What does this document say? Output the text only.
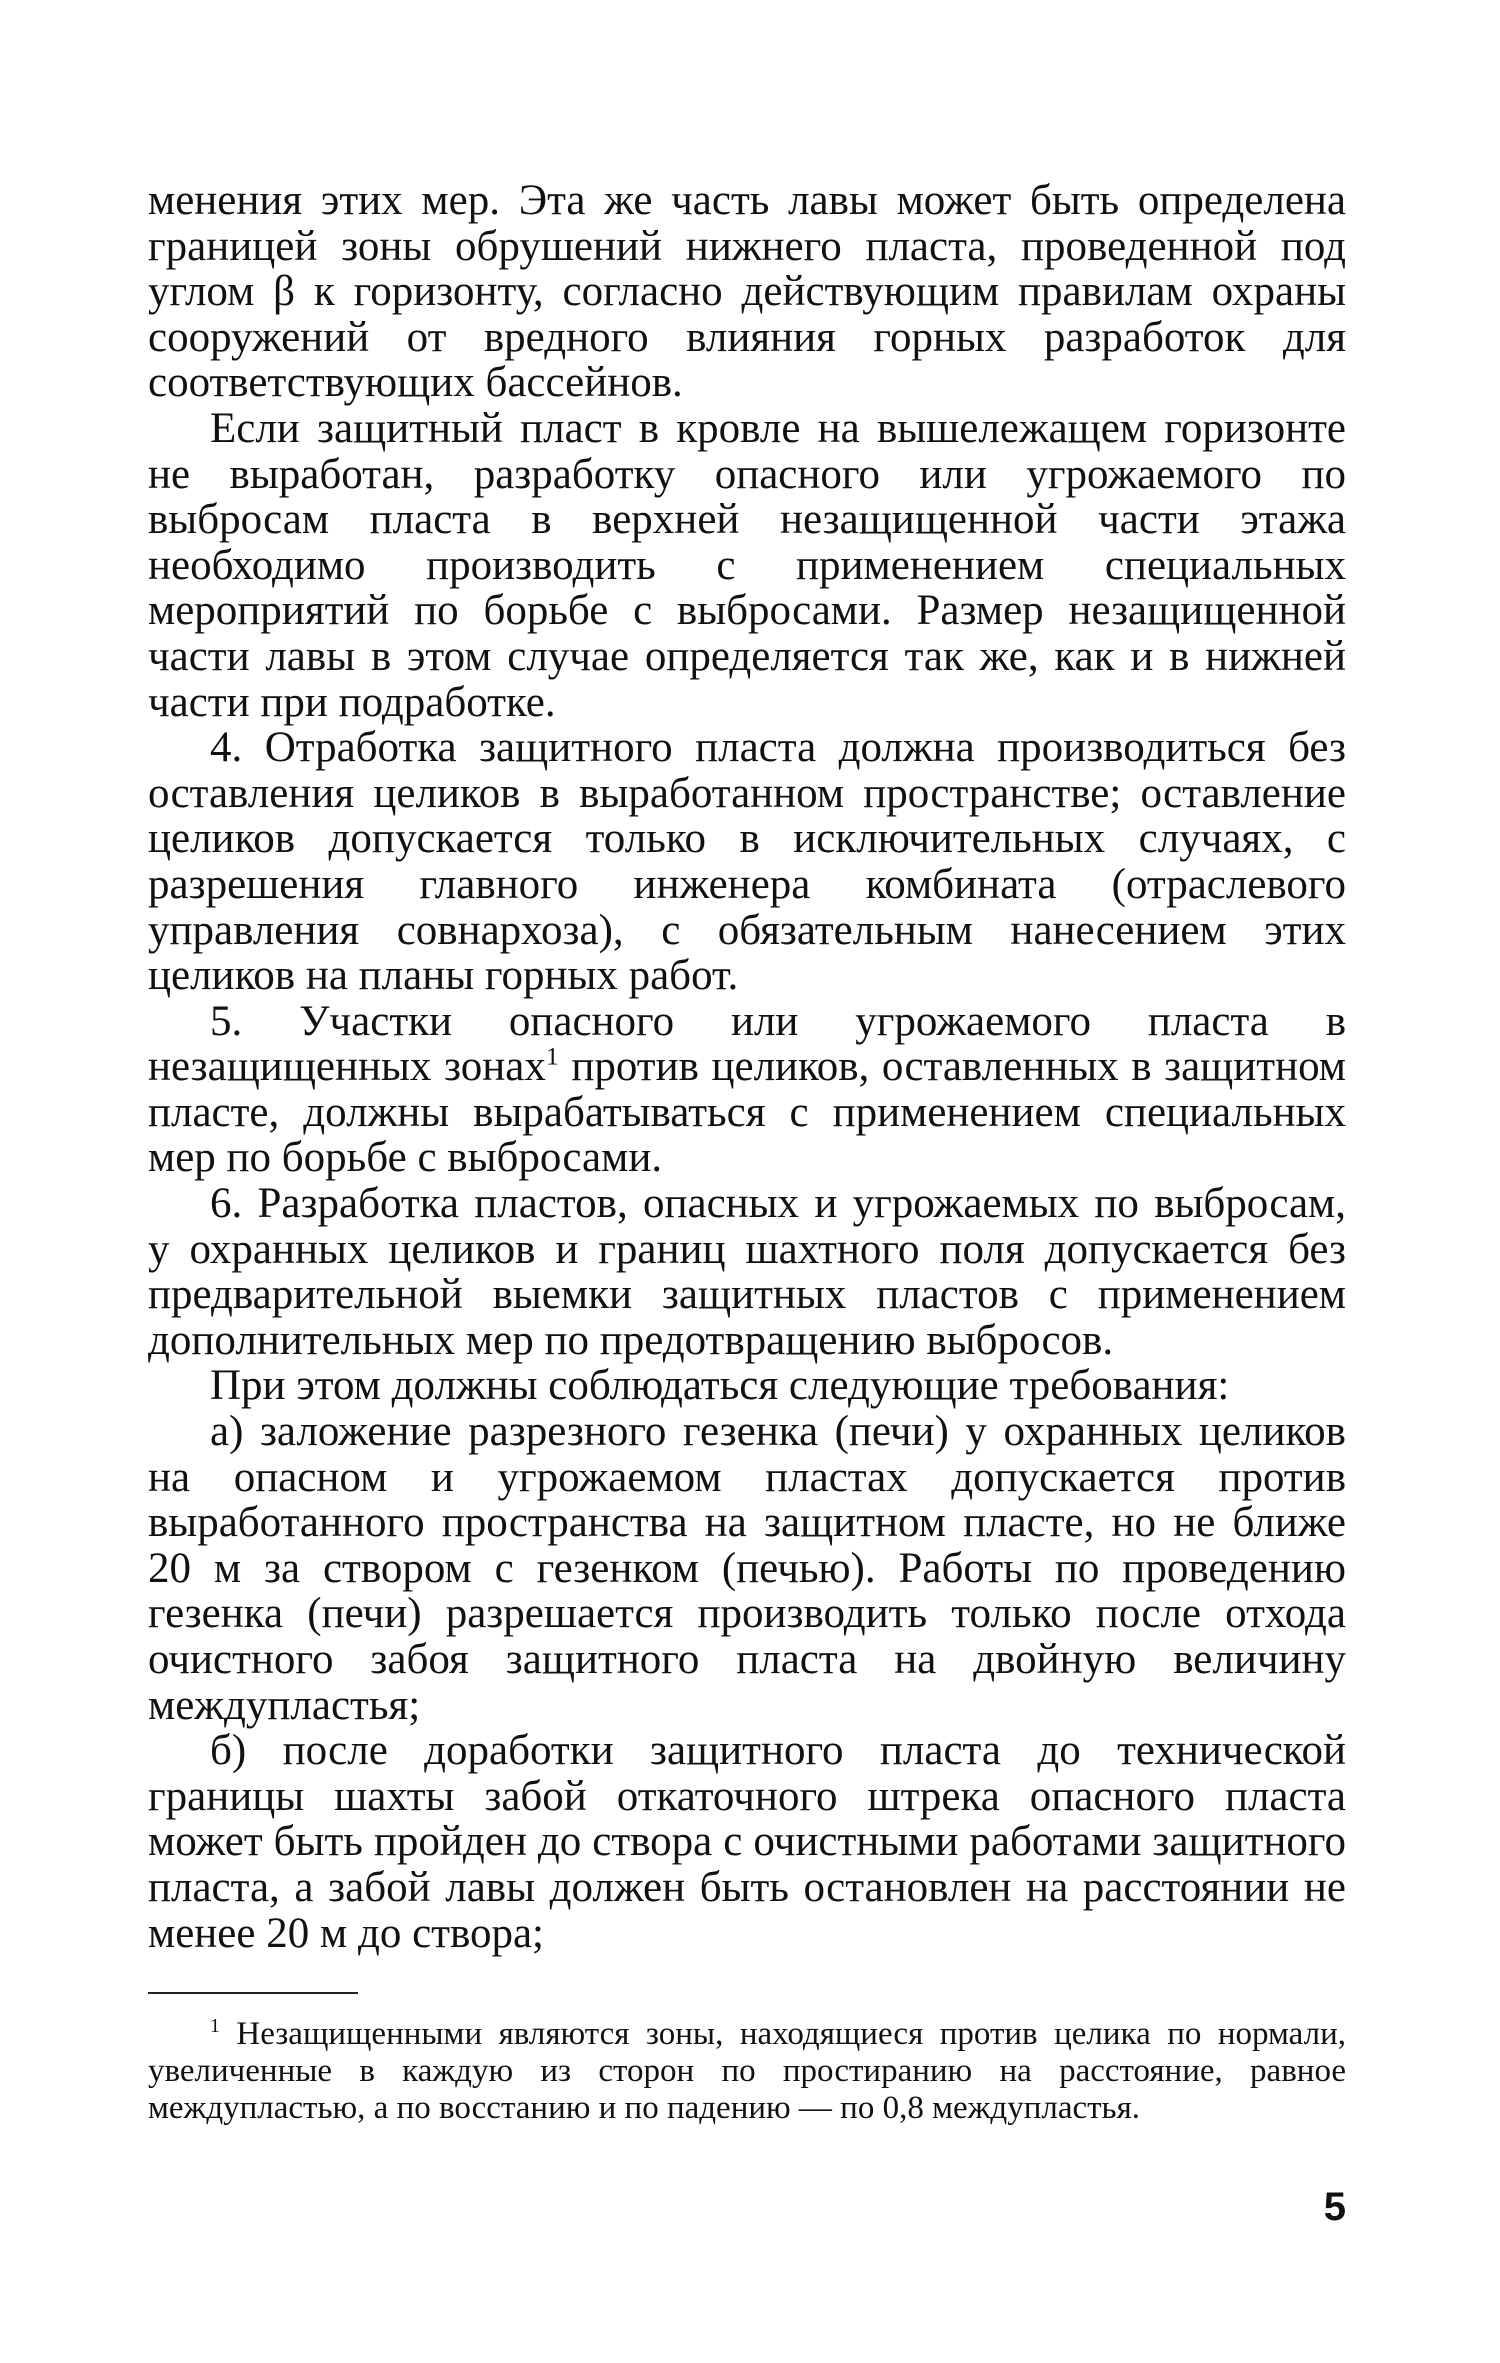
менения этих мер. Эта же часть лавы может быть определена границей зоны обрушений нижнего пласта, проведенной под углом β к горизонту, согласно действующим правилам охраны сооружений от вредного влияния горных разработок для соответствующих бассейнов.

Если защитный пласт в кровле на вышележащем горизонте не выработан, разработку опасного или угрожаемого по выбросам пласта в верхней незащищенной части этажа необходимо производить с применением специальных мероприятий по борьбе с выбросами. Размер незащищенной части лавы в этом случае определяется так же, как и в нижней части при подработке.

4. Отработка защитного пласта должна производиться без оставления целиков в выработанном пространстве; оставление целиков допускается только в исключительных случаях, с разрешения главного инженера комбината (отраслевого управления совнархоза), с обязательным нанесением этих целиков на планы горных работ.

5. Участки опасного или угрожаемого пласта в незащищенных зонах$^1$ против целиков, оставленных в защитном пласте, должны вырабатываться с применением специальных мер по борьбе с выбросами.

6. Разработка пластов, опасных и угрожаемых по выбросам, у охранных целиков и границ шахтного поля допускается без предварительной выемки защитных пластов с применением дополнительных мер по предотвращению выбросов.

При этом должны соблюдаться следующие требования:

а) заложение разрезного гезенка (печи) у охранных целиков на опасном и угрожаемом пластах допускается против выработанного пространства на защитном пласте, но не ближе 20 м за створом с гезенком (печью). Работы по проведению гезенка (печи) разрешается производить только после отхода очистного забоя защитного пласта на двойную величину междупластья;

б) после доработки защитного пласта до технической границы шахты забой откаточного штрека опасного пласта может быть пройден до створа с очистными работами защитного пласта, а забой лавы должен быть остановлен на расстоянии не менее 20 м до створа;

$^1$ Незащищенными являются зоны, находящиеся против целика по нормали, увеличенные в каждую из сторон по простиранию на расстояние, равное междупластью, а по восстанию и по падению — по 0,8 междупластья.

5
